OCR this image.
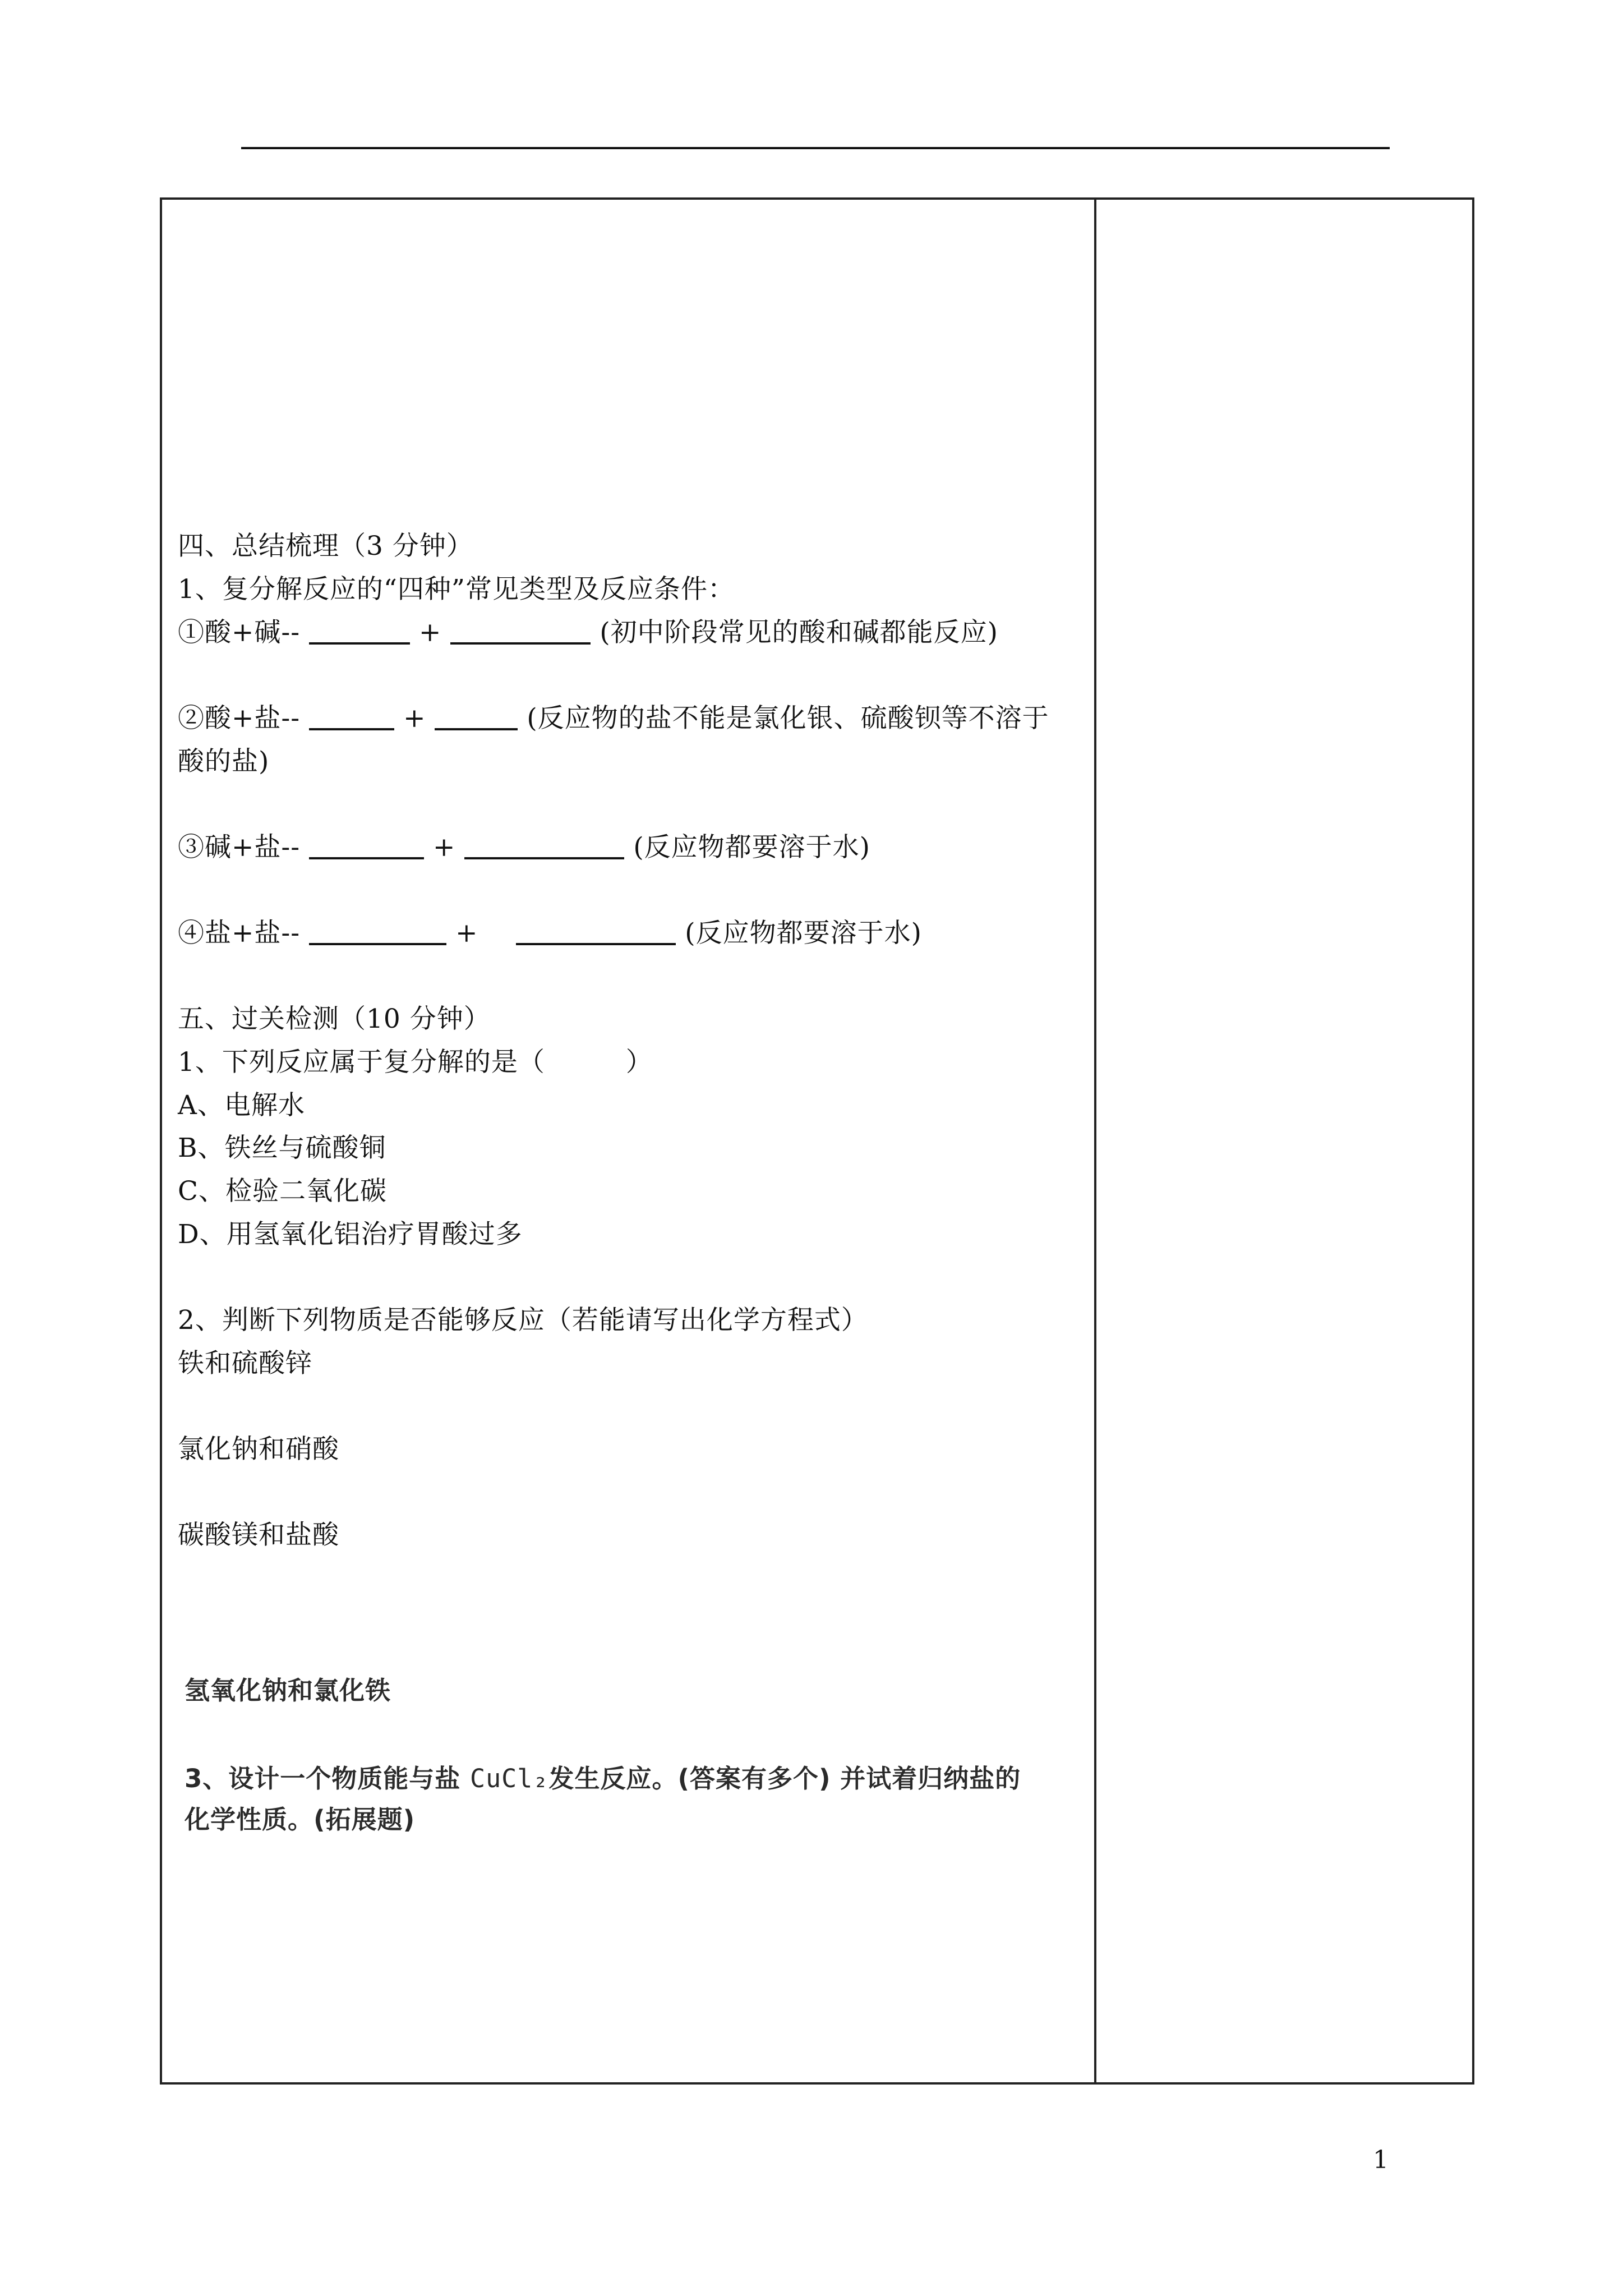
四、总结梳理（3 分钟）
1、复分解反应的“四种”常见类型及反应条件：
①酸+碱--	+	(初中阶段常见的酸和碱都能反应)
②酸+盐--	+	(反应物的盐不能是氯化银、硫酸钡等不溶于
酸的盐)
③碱+盐--	+	(反应物都要溶于水)
④盐+盐--	+	(反应物都要溶于水)
五、过关检测（10 分钟）
1、下列反应属于复分解的是（　　　）
A、电解水
B、铁丝与硫酸铜
C、检验二氧化碳
D、用氢氧化铝治疗胃酸过多
2、判断下列物质是否能够反应（若能请写出化学方程式）
铁和硫酸锌
氯化钠和硝酸
碳酸镁和盐酸
氢氧化钠和氯化铁
3、设计一个物质能与盐 CuCl₂发生反应。(答案有多个) 并试着归纳盐的
化学性质。(拓展题)
1
